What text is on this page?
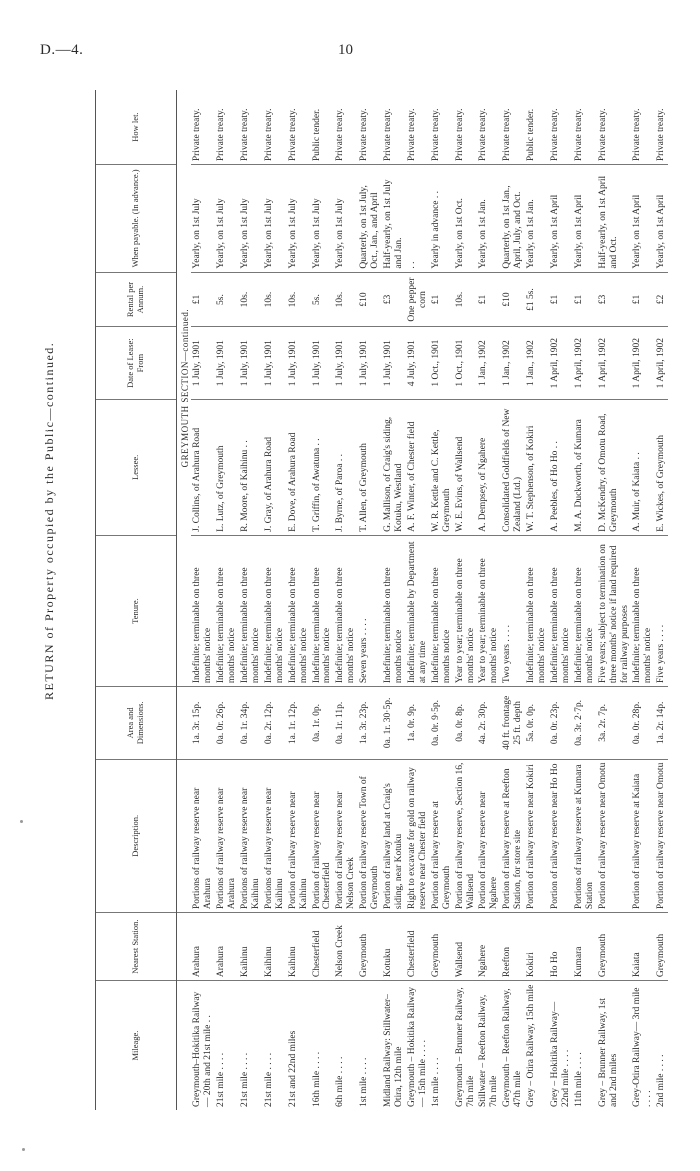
D.—4.	10
RETURN of Property occupied by the Public—continued.
Mileage.	Nearest Station.	Description.	Area and Dimensions.	Tenure.	Lessee.	Date of Lease: From	Rental per Annum.	When payable. (In advance.)	How let.
				GREYMOUTH SECTION—continued.					
Greymouth–Hokitika Railway— 20th and 21st mile . .	Arahura	Portions of railway reserve near Arahura	1a. 3r. 15p.	Indefinite; terminable on three months' notice	J. Collins, of Arahura Road	1 July, 1901	£1	Yearly, on 1st July	Private treaty.
21st mile . . . .	Arahura	Portions of railway reserve near Arahura	0a. 0r. 26p.	Indefinite; terminable on three months' notice	L. Lutz, of Greymouth	1 July, 1901	5s.	Yearly, on 1st July	Private treaty.
21st mile . . . .	Kaihinu	Portions of railway reserve near Kaihinu	0a. 1r. 34p.	Indefinite; terminable on three months' notice	R. Moore, of Kaihinu . .	1 July, 1901	10s.	Yearly, on 1st July	Private treaty.
21st mile . . . .	Kaihinu	Portions of railway reserve near Kaihinu	0a. 2r. 12p.	Indefinite; terminable on three months' notice	J. Gray, of Arahura Road	1 July, 1901	10s.	Yearly, on 1st July	Private treaty.
21st and 22nd miles	Kaihinu	Portion of railway reserve near Kaihinu	1a. 1r. 12p.	Indefinite; terminable on three months' notice	E. Dove, of Arahura Road	1 July, 1901	10s.	Yearly, on 1st July	Private treaty.
16th mile . . . .	Chesterfield	Portion of railway reserve near Chesterfield	0a. 1r. 0p.	Indefinite; terminable on three months' notice	T. Griffin, of Awatuna . .	1 July, 1901	5s.	Yearly, on 1st July	Public tender.
6th mile . . . .	Nelson Creek	Portion of railway reserve near Nelson Creek	0a. 1r. 11p.	Indefinite; terminable on three months' notice	J. Byrne, of Paroa . .	1 July, 1901	10s.	Yearly, on 1st July	Private treaty.
1st mile . . . .	Greymouth	Portion of railway reserve Town of Greymouth	1a. 3r. 23p.	Seven years . . . .	T. Allen, of Greymouth	1 July, 1901	£10	Quarterly, on 1st July, Oct., Jan., and April	Private treaty.
Midland Railway: Stillwater–Otira, 12th mile	Kotuku	Portion of railway land at Craig's siding, near Kotuku	0a. 1r. 30·5p.	Indefinite; terminable on three months notice	G. Mallison, of Craig's siding, Kotuku, Westland	1 July, 1901	£3	Half-yearly, on 1st July and Jan.	Private treaty.
Greymouth – Hokitika Railway— 15th mile . . . .	Chesterfield	Right to excavate for gold on railway reserve near Chester field	1a. 0r. 9p.	Indefinite; terminable by Department at any time	A. F. Winter, of Chester field	4 July, 1901	One pepper corn	. .	Private treaty.
1st mile . . . .	Greymouth	Portion of railway reserve at Greymouth	0a. 0r. 9·5p.	Indefinite; terminable on three months notice	W. R. Kettle and C. Kettle, Greymouth	1 Oct., 1901	£1	Yearly in advance . .	Private treaty.
Greymouth – Brunner Railway, 7th mile	Wallsend	Portion of railway reserve, Section 16, Wallsend	0a. 0r. 8p.	Year to year; terminable on three months' notice	W. E. Evins, of Wallsend	1 Oct., 1901	10s.	Yearly, on 1st Oct.	Private treaty.
Stillwater – Reefton Railway, 7th mile	Ngahere	Portion of railway reserve near Ngahere	4a. 2r. 30p.	Year to year; terminable on three months' notice	A. Dempsey, of Ngahere	1 Jan., 1902	£1	Yearly, on 1st Jan.	Private treaty.
Greymouth – Reefton Railway, 47th mile	Reefton	Portion of railway reserve at Reefton Station, for store site	40 ft. frontage 25 ft. depth	Two years . . . .	Consolidated Goldfields of New Zealand (Ltd.)	1 Jan., 1902	£10	Quarterly, on 1st Jan., April, July, and Oct.	Private treaty.
Grey – Otira Railway, 15th mile	Kokiri	Portion of railway reserve near Kokiri	5a. 0r. 0p.	Indefinite; terminable on three months' notice	W. T. Stephenson, of Kokiri	1 Jan., 1902	£1 5s.	Yearly, on 1st Jan.	Public tender.
Grey – Hokitika Railway— 22nd mile . . . .	Ho Ho	Portion of railway reserve near Ho Ho	0a. 0r. 23p.	Indefinite; terminable on three months' notice	A. Peebles, of Ho Ho . .	1 April, 1902	£1	Yearly, on 1st April	Private treaty.
11th mile . . . .	Kumara	Portions of railway reserve at Kumara Station	0a. 3r. 2·7p.	Indefinite; terminable on three months' notice	M. A. Duckworth, of Kumara	1 April, 1902	£1	Yearly, on 1st April	Private treaty.
Grey – Brunner Railway, 1st and 2nd miles	Greymouth	Portion of railway reserve near Omotu	3a. 2r. 7p.	Five years; subject to termination on three months' notice if land required for railway purposes	D. McKendry, of Omotu Road, Greymouth	1 April, 1902	£3	Half-yearly, on 1st April and Oct.	Private treaty.
Grey-Otira Railway— 3rd mile . . . .	Kaiata	Portion of railway reserve at Kaiata	0a. 0r. 28p.	Indefinite; terminable on three months' notice	A. Muir, of Kaiata . .	1 April, 1902	£1	Yearly, on 1st April	Private treaty.
2nd mile . . . .	Greymouth	Portion of railway reserve near Omotu	1a. 2r. 14p.	Five years . . . .	E. Wickes, of Greymouth	1 April, 1902	£2	Yearly, on 1st April	Private treaty.
